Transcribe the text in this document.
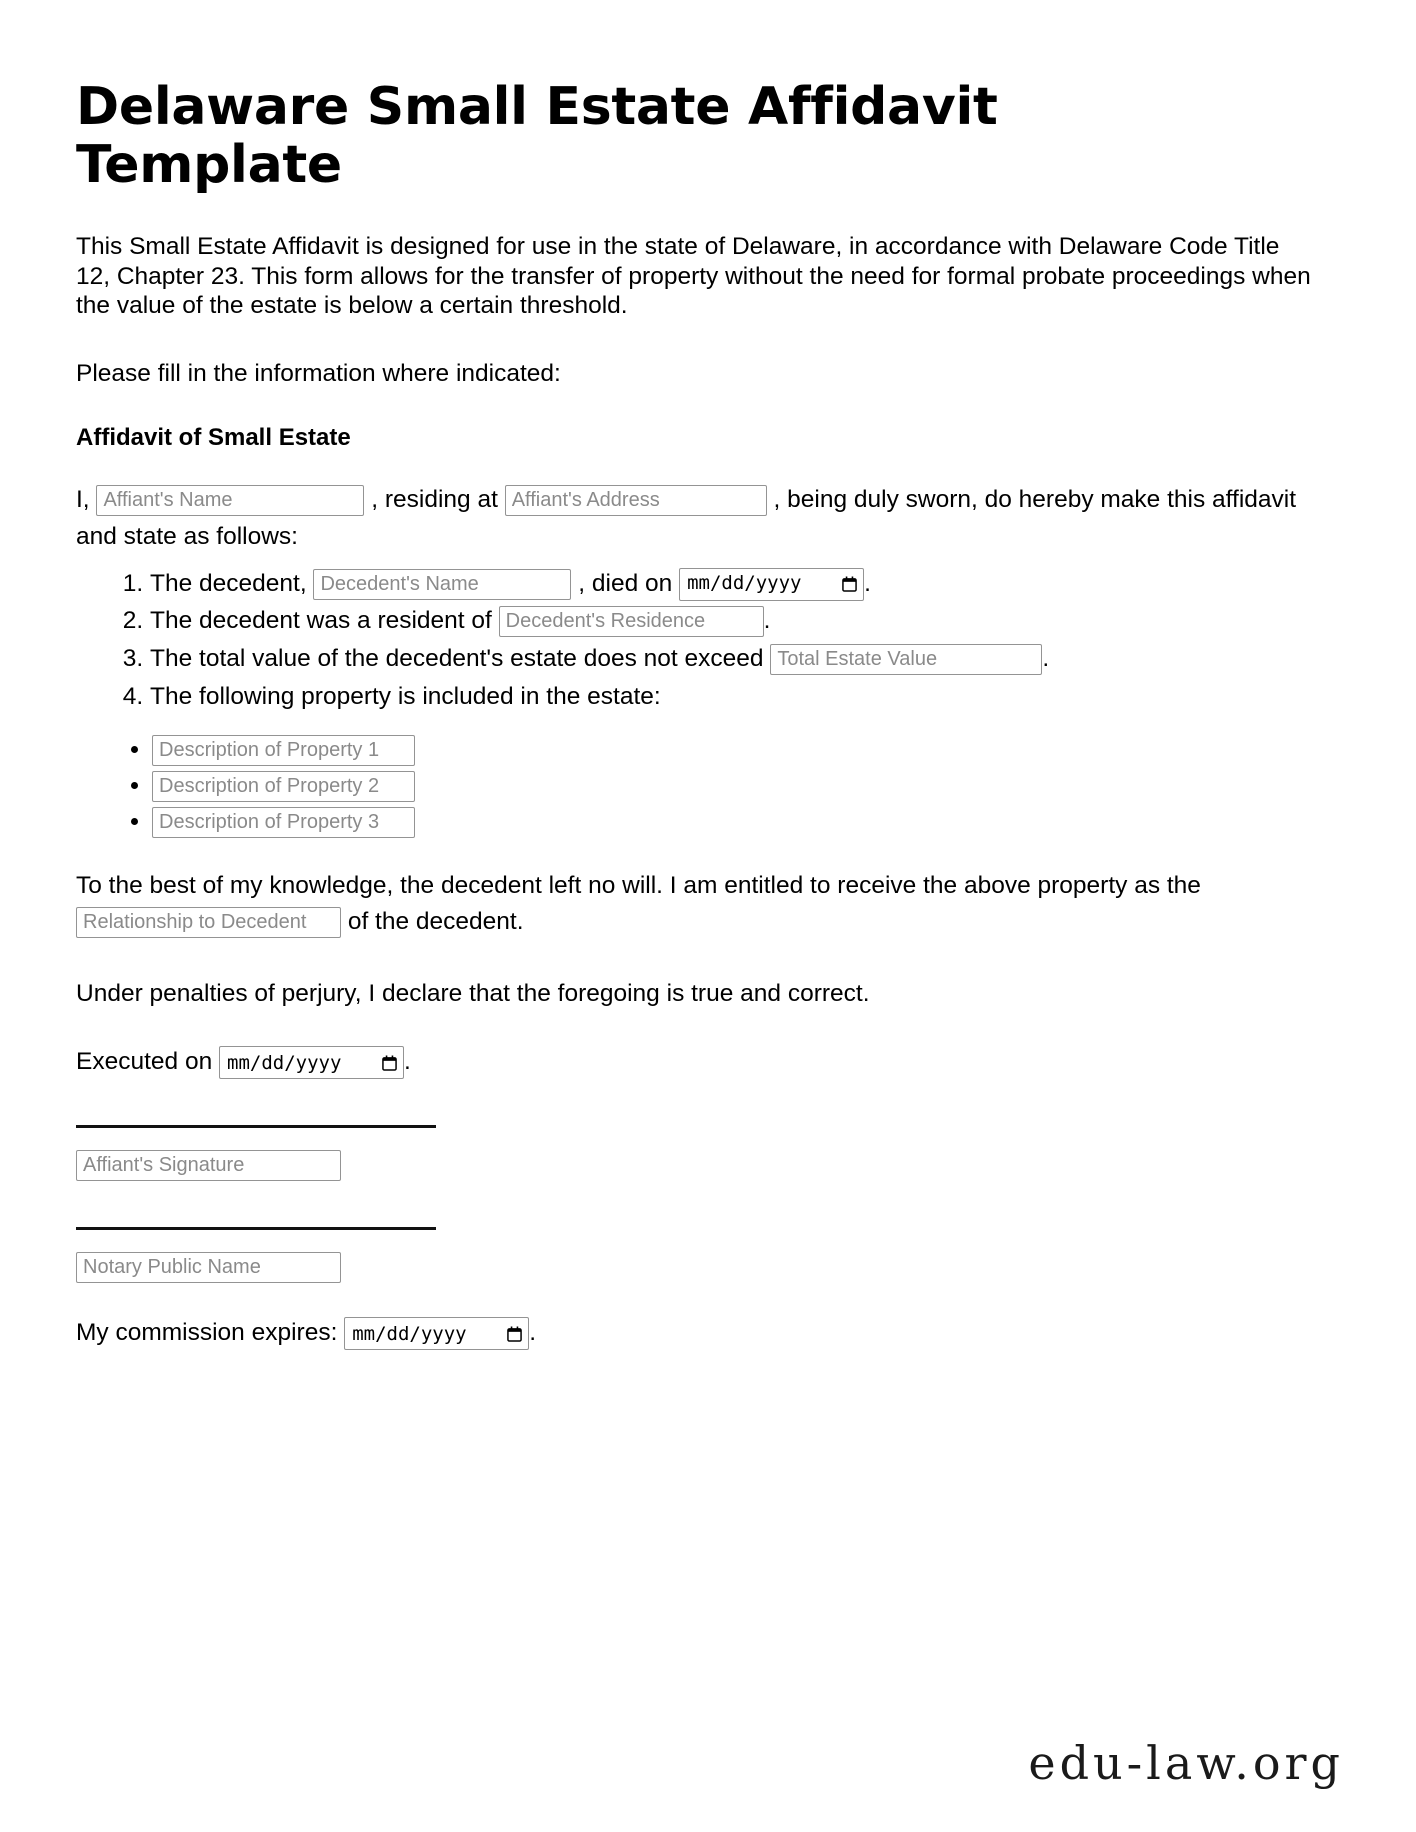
Delaware Small Estate Affidavit Template

This Small Estate Affidavit is designed for use in the state of Delaware, in accordance with Delaware Code Title 12, Chapter 23. This form allows for the transfer of property without the need for formal probate proceedings when the value of the estate is below a certain threshold.

Please fill in the information where indicated:

Affidavit of Small Estate
I, Affiant's Name	, residing at Affiant's Address	, being duly sworn, do hereby make this affidavit and state as follows:
1. The decedent, Decedent's Name	, died on mm/dd/yyyy	.
2. The decedent was a resident of Decedent's Residence	.
3. The total value of the decedent's estate does not exceed Total Estate Value	.
4. The following property is included in the estate:
• Description of Property 1
• Description of Property 2
• Description of Property 3
To the best of my knowledge, the decedent left no will. I am entitled to receive the above property as the Relationship to Decedent of the decedent.

Under penalties of perjury, I declare that the foregoing is true and correct.

Executed on mm/dd/yyyy	.
Affiant's Signature
Notary Public Name
My commission expires: mm/dd/yyyy	.
edu-law.org
